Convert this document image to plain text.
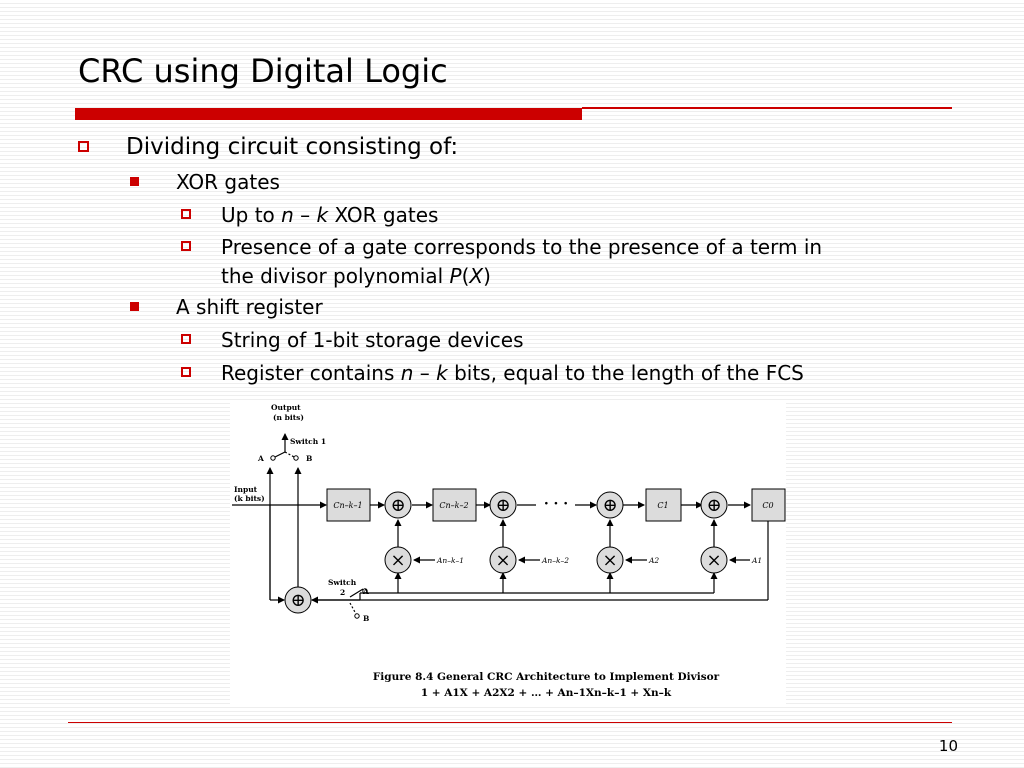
CRC using Digital Logic
Dividing circuit consisting of:
XOR gates
Up to n – k XOR gates
Presence of a gate corresponds to the presence of a term in
the divisor polynomial P(X)
A shift register
String of 1-bit storage devices
Register contains n – k bits, equal to the length of the FCS
⊕	⊕	⊕	⊕
⊕
×	×	×	×
Cn–k–1	Cn–k–2	C1	C0
An–k–1	An–k–2	A2	A1
· · ·
Output
(n bits)
Switch 1
A	B
Input
(k bits)
Switch
2 A
B
Figure 8.4 General CRC Architecture to Implement Divisor
1 + A1X + A2X2 + … + An–1Xn–k–1 + Xn–k
10
